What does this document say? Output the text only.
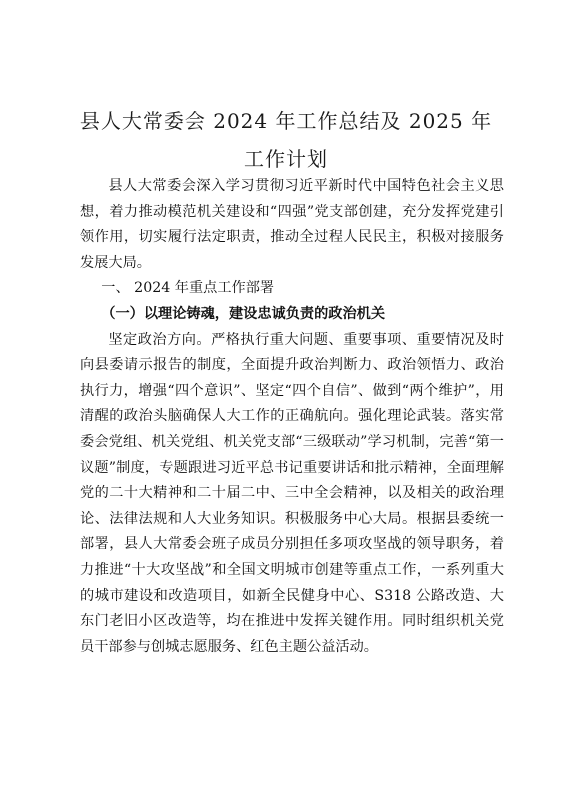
县人大常委会 2024 年工作总结及 2025 年工作计划

县人大常委会深入学习贯彻习近平新时代中国特色社会主义思想，着力推动模范机关建设和“四强”党支部创建，充分发挥党建引领作用，切实履行法定职责，推动全过程人民民主，积极对接服务发展大局。

一、 2024 年重点工作部署

（一）以理论铸魂，建设忠诚负责的政治机关

坚定政治方向。严格执行重大问题、重要事项、重要情况及时向县委请示报告的制度，全面提升政治判断力、政治领悟力、政治执行力，增强“四个意识”、坚定“四个自信”、做到“两个维护”，用清醒的政治头脑确保人大工作的正确航向。强化理论武装。落实常委会党组、机关党组、机关党支部“三级联动”学习机制，完善“第一议题”制度，专题跟进习近平总书记重要讲话和批示精神，全面理解党的二十大精神和二十届二中、三中全会精神，以及相关的政治理论、法律法规和人大业务知识。积极服务中心大局。根据县委统一部署，县人大常委会班子成员分别担任多项攻坚战的领导职务，着力推进“十大攻坚战”和全国文明城市创建等重点工作，一系列重大的城市建设和改造项目，如新全民健身中心、S318 公路改造、大东门老旧小区改造等，均在推进中发挥关键作用。同时组织机关党员干部参与创城志愿服务、红色主题公益活动。
